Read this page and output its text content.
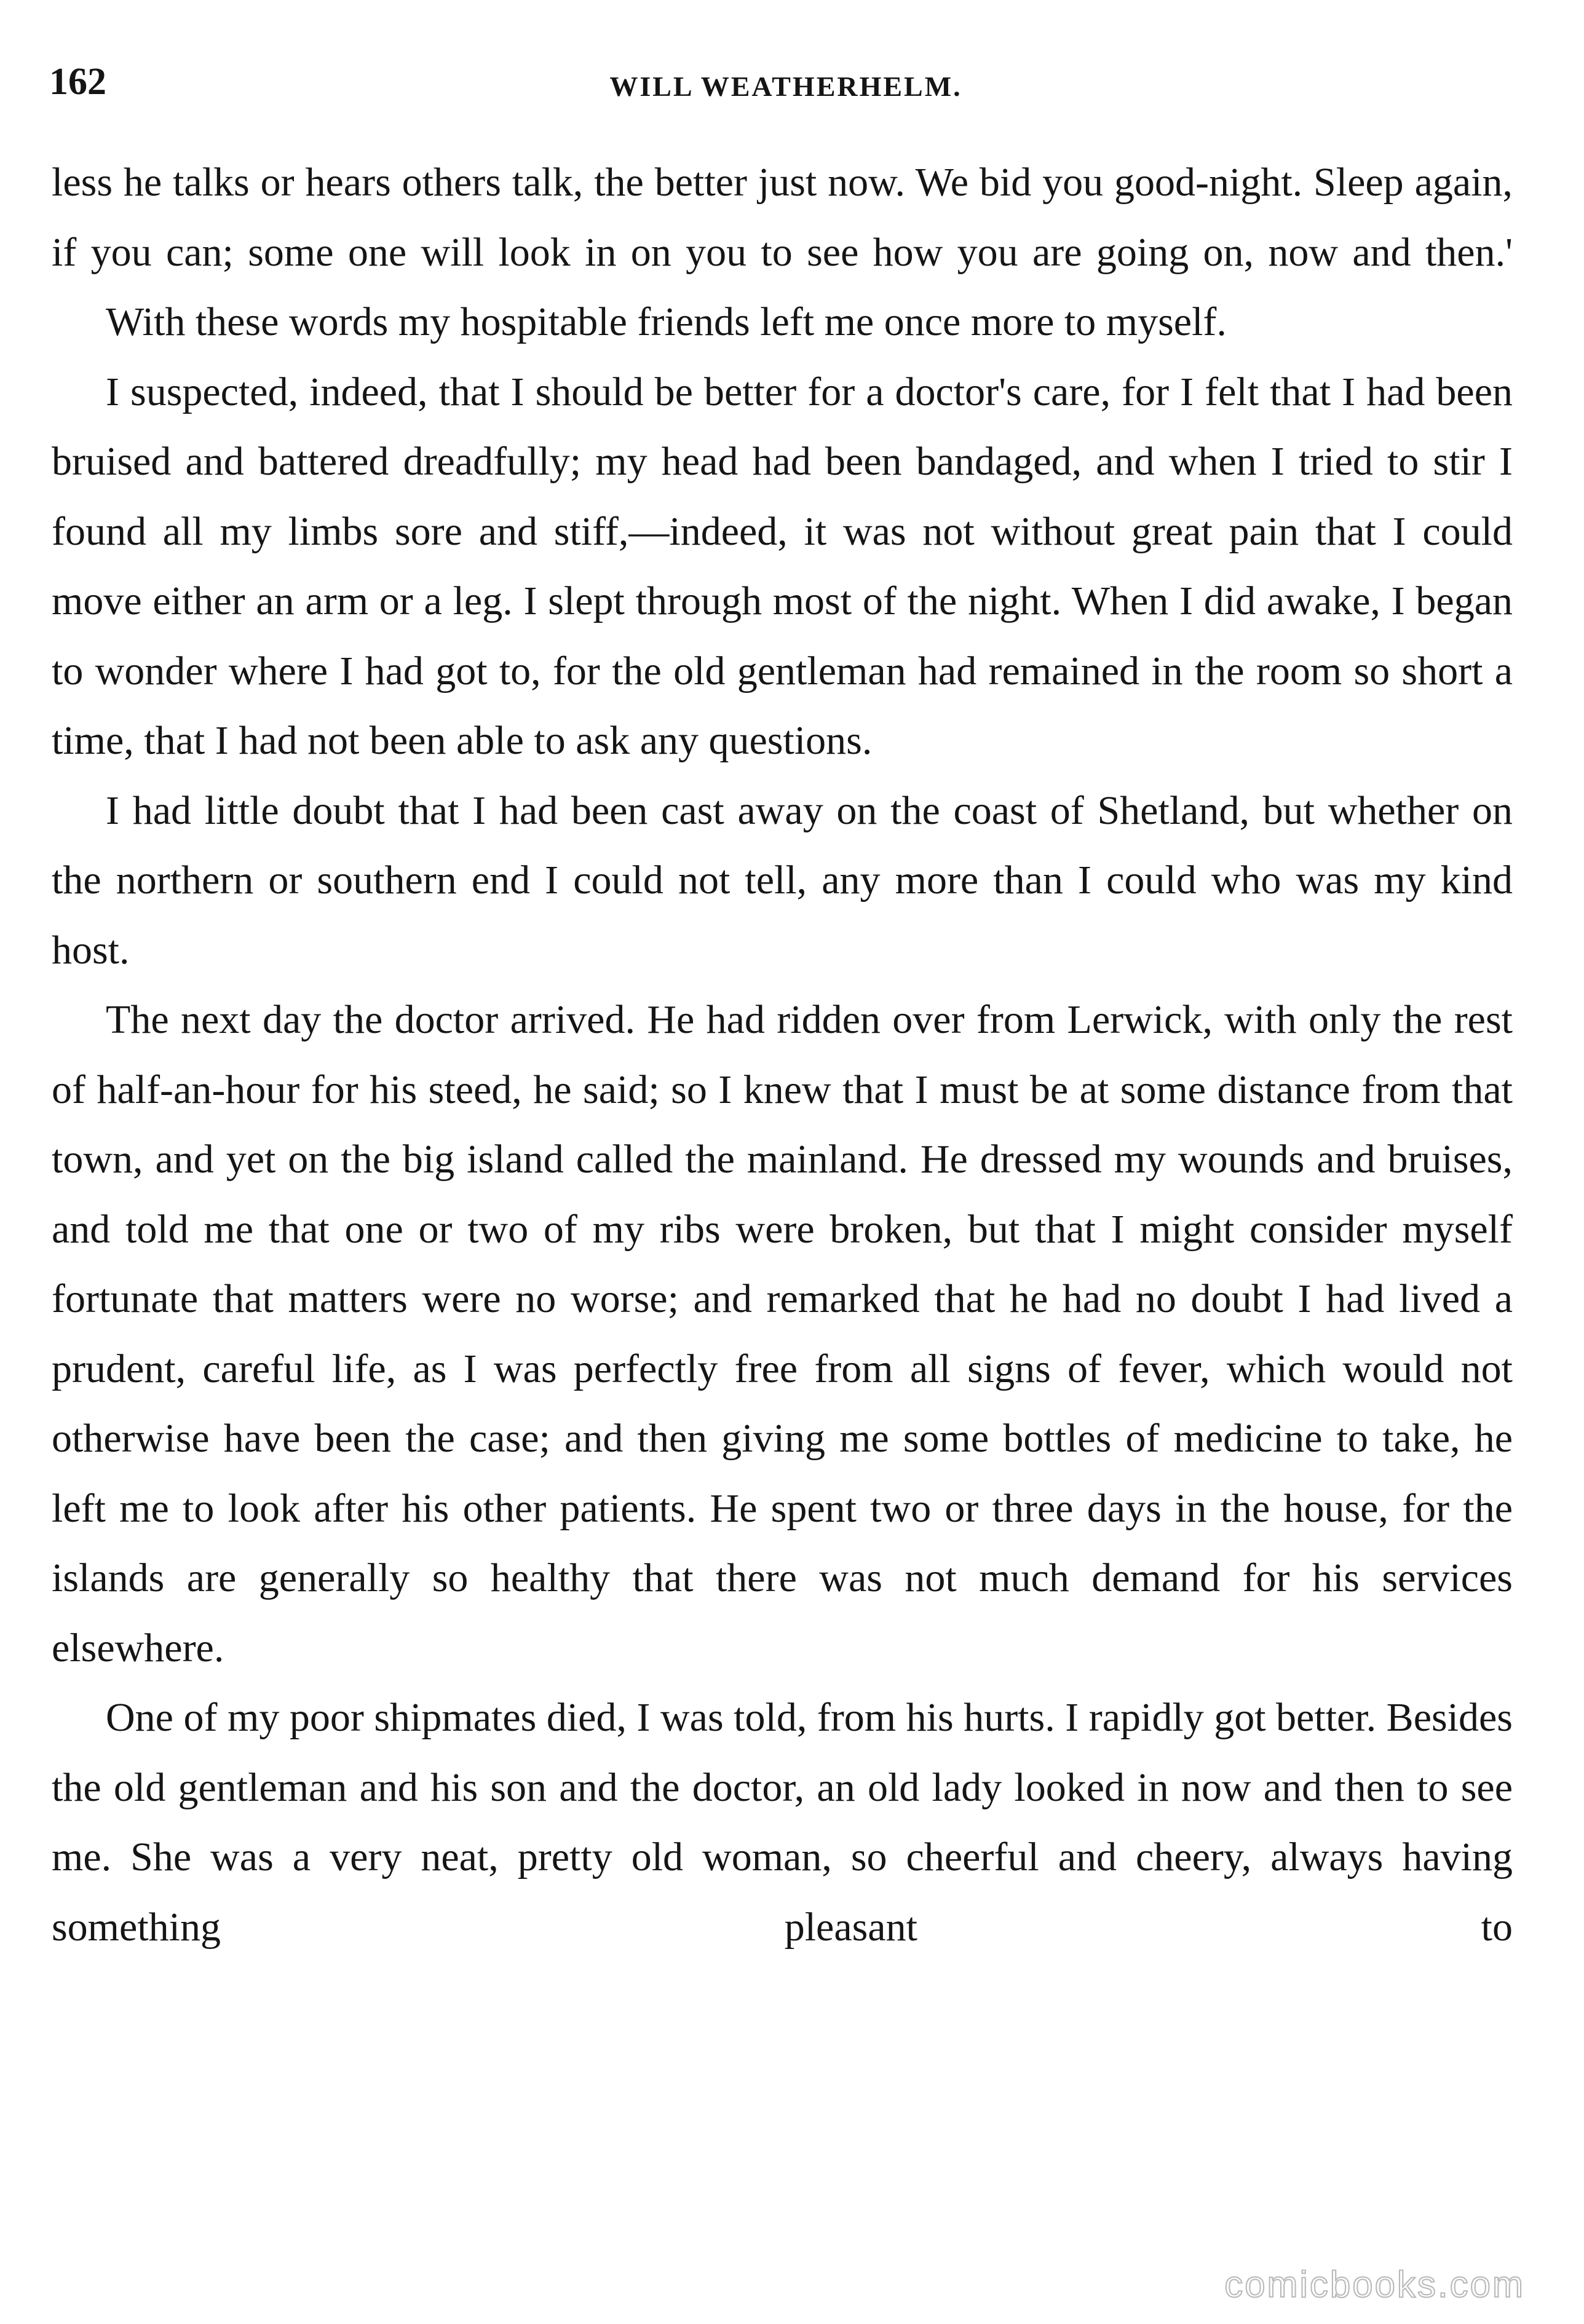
162	WILL WEATHERHELM.

less he talks or hears others talk, the better just now. We bid you good-night. Sleep again, if you can; some one will look in on you to see how you are going on, now and then.'

With these words my hospitable friends left me once more to myself.

I suspected, indeed, that I should be better for a doctor's care, for I felt that I had been bruised and battered dreadfully; my head had been bandaged, and when I tried to stir I found all my limbs sore and stiff,—indeed, it was not without great pain that I could move either an arm or a leg. I slept through most of the night. When I did awake, I began to wonder where I had got to, for the old gentleman had remained in the room so short a time, that I had not been able to ask any questions.

I had little doubt that I had been cast away on the coast of Shetland, but whether on the northern or southern end I could not tell, any more than I could who was my kind host.

The next day the doctor arrived. He had ridden over from Lerwick, with only the rest of half-an-hour for his steed, he said; so I knew that I must be at some distance from that town, and yet on the big island called the mainland. He dressed my wounds and bruises, and told me that one or two of my ribs were broken, but that I might consider myself fortunate that matters were no worse; and remarked that he had no doubt I had lived a prudent, careful life, as I was perfectly free from all signs of fever, which would not otherwise have been the case; and then giving me some bottles of medicine to take, he left me to look after his other patients. He spent two or three days in the house, for the islands are generally so healthy that there was not much demand for his services elsewhere.

One of my poor shipmates died, I was told, from his hurts. I rapidly got better. Besides the old gentleman and his son and the doctor, an old lady looked in now and then to see me. She was a very neat, pretty old woman, so cheerful and cheery, always having something pleasant to

comicbooks.com
